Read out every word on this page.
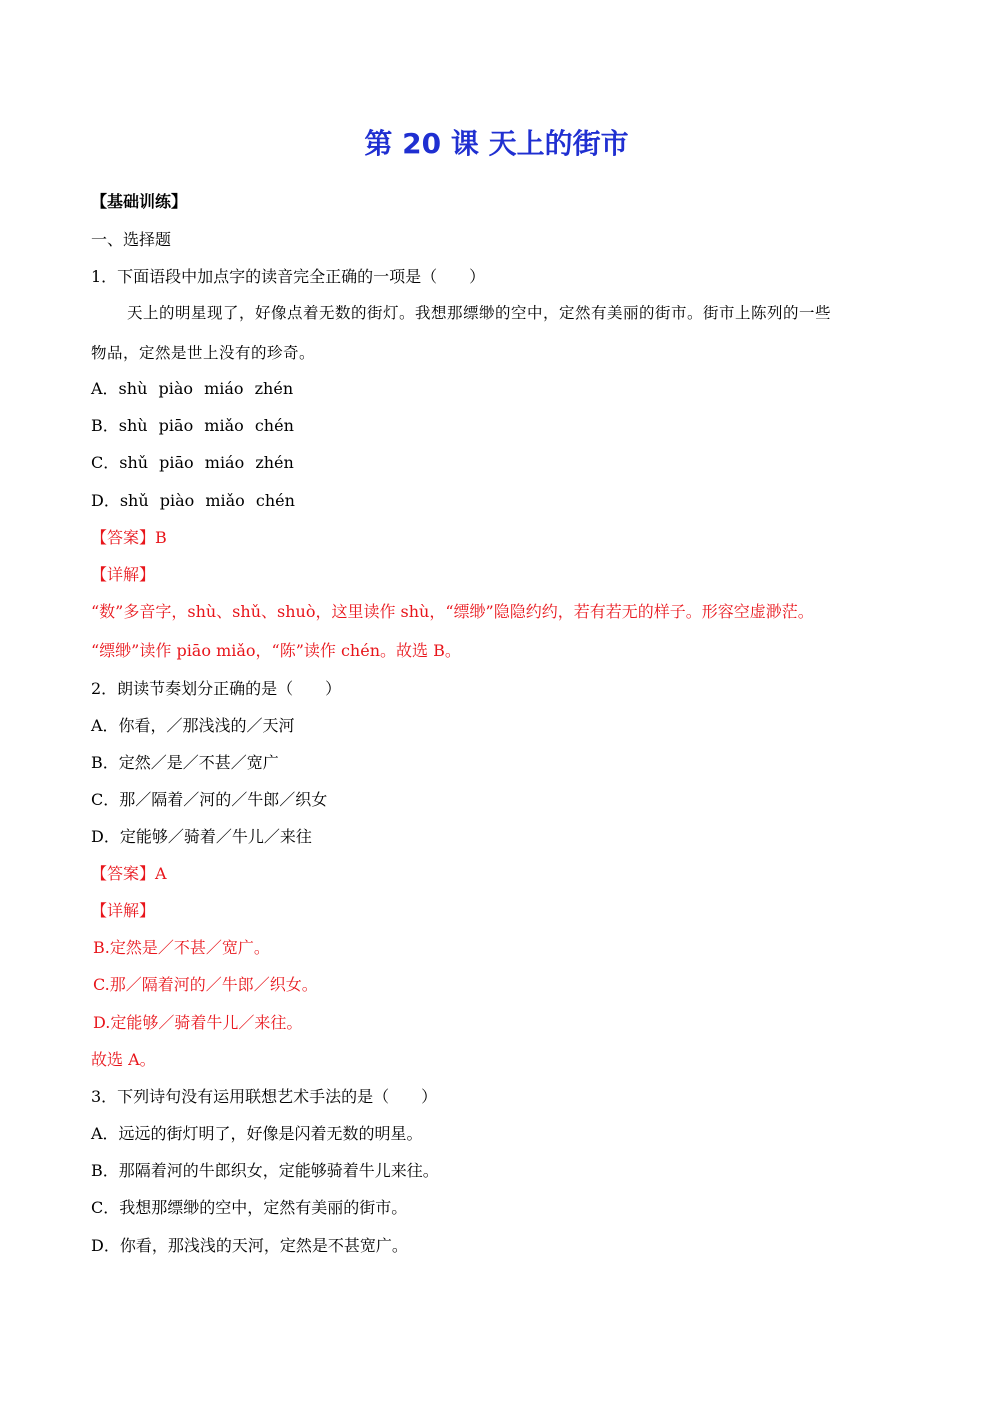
第 20 课 天上的街市
【基础训练】
一、选择题
1．下面语段中加点字的读音完全正确的一项是（　　）
天上的明星现了，好像点着无数的街灯。我想那缥缈的空中，定然有美丽的街市。街市上陈列的一些
物品，定然是世上没有的珍奇。
A．shù piào miáo zhén
B．shù piāo miǎo chén
C．shǔ piāo miáo zhén
D．shǔ piào miǎo chén
【答案】B
【详解】
“数”多音字，shù、shǔ、shuò，这里读作 shù，“缥缈”隐隐约约，若有若无的样子。形容空虚渺茫。
“缥缈”读作 piāo miǎo，“陈”读作 chén。故选 B。
2．朗读节奏划分正确的是（　　）
A．你看，／那浅浅的／天河
B．定然／是／不甚／宽广
C．那／隔着／河的／牛郎／织女
D．定能够／骑着／牛儿／来往
【答案】A
【详解】
B.定然是／不甚／宽广。
C.那／隔着河的／牛郎／织女。
D.定能够／骑着牛儿／来往。
故选 A。
3．下列诗句没有运用联想艺术手法的是（　　）
A．远远的街灯明了，好像是闪着无数的明星。
B．那隔着河的牛郎织女，定能够骑着牛儿来往。
C．我想那缥缈的空中，定然有美丽的街市。
D．你看，那浅浅的天河，定然是不甚宽广。
